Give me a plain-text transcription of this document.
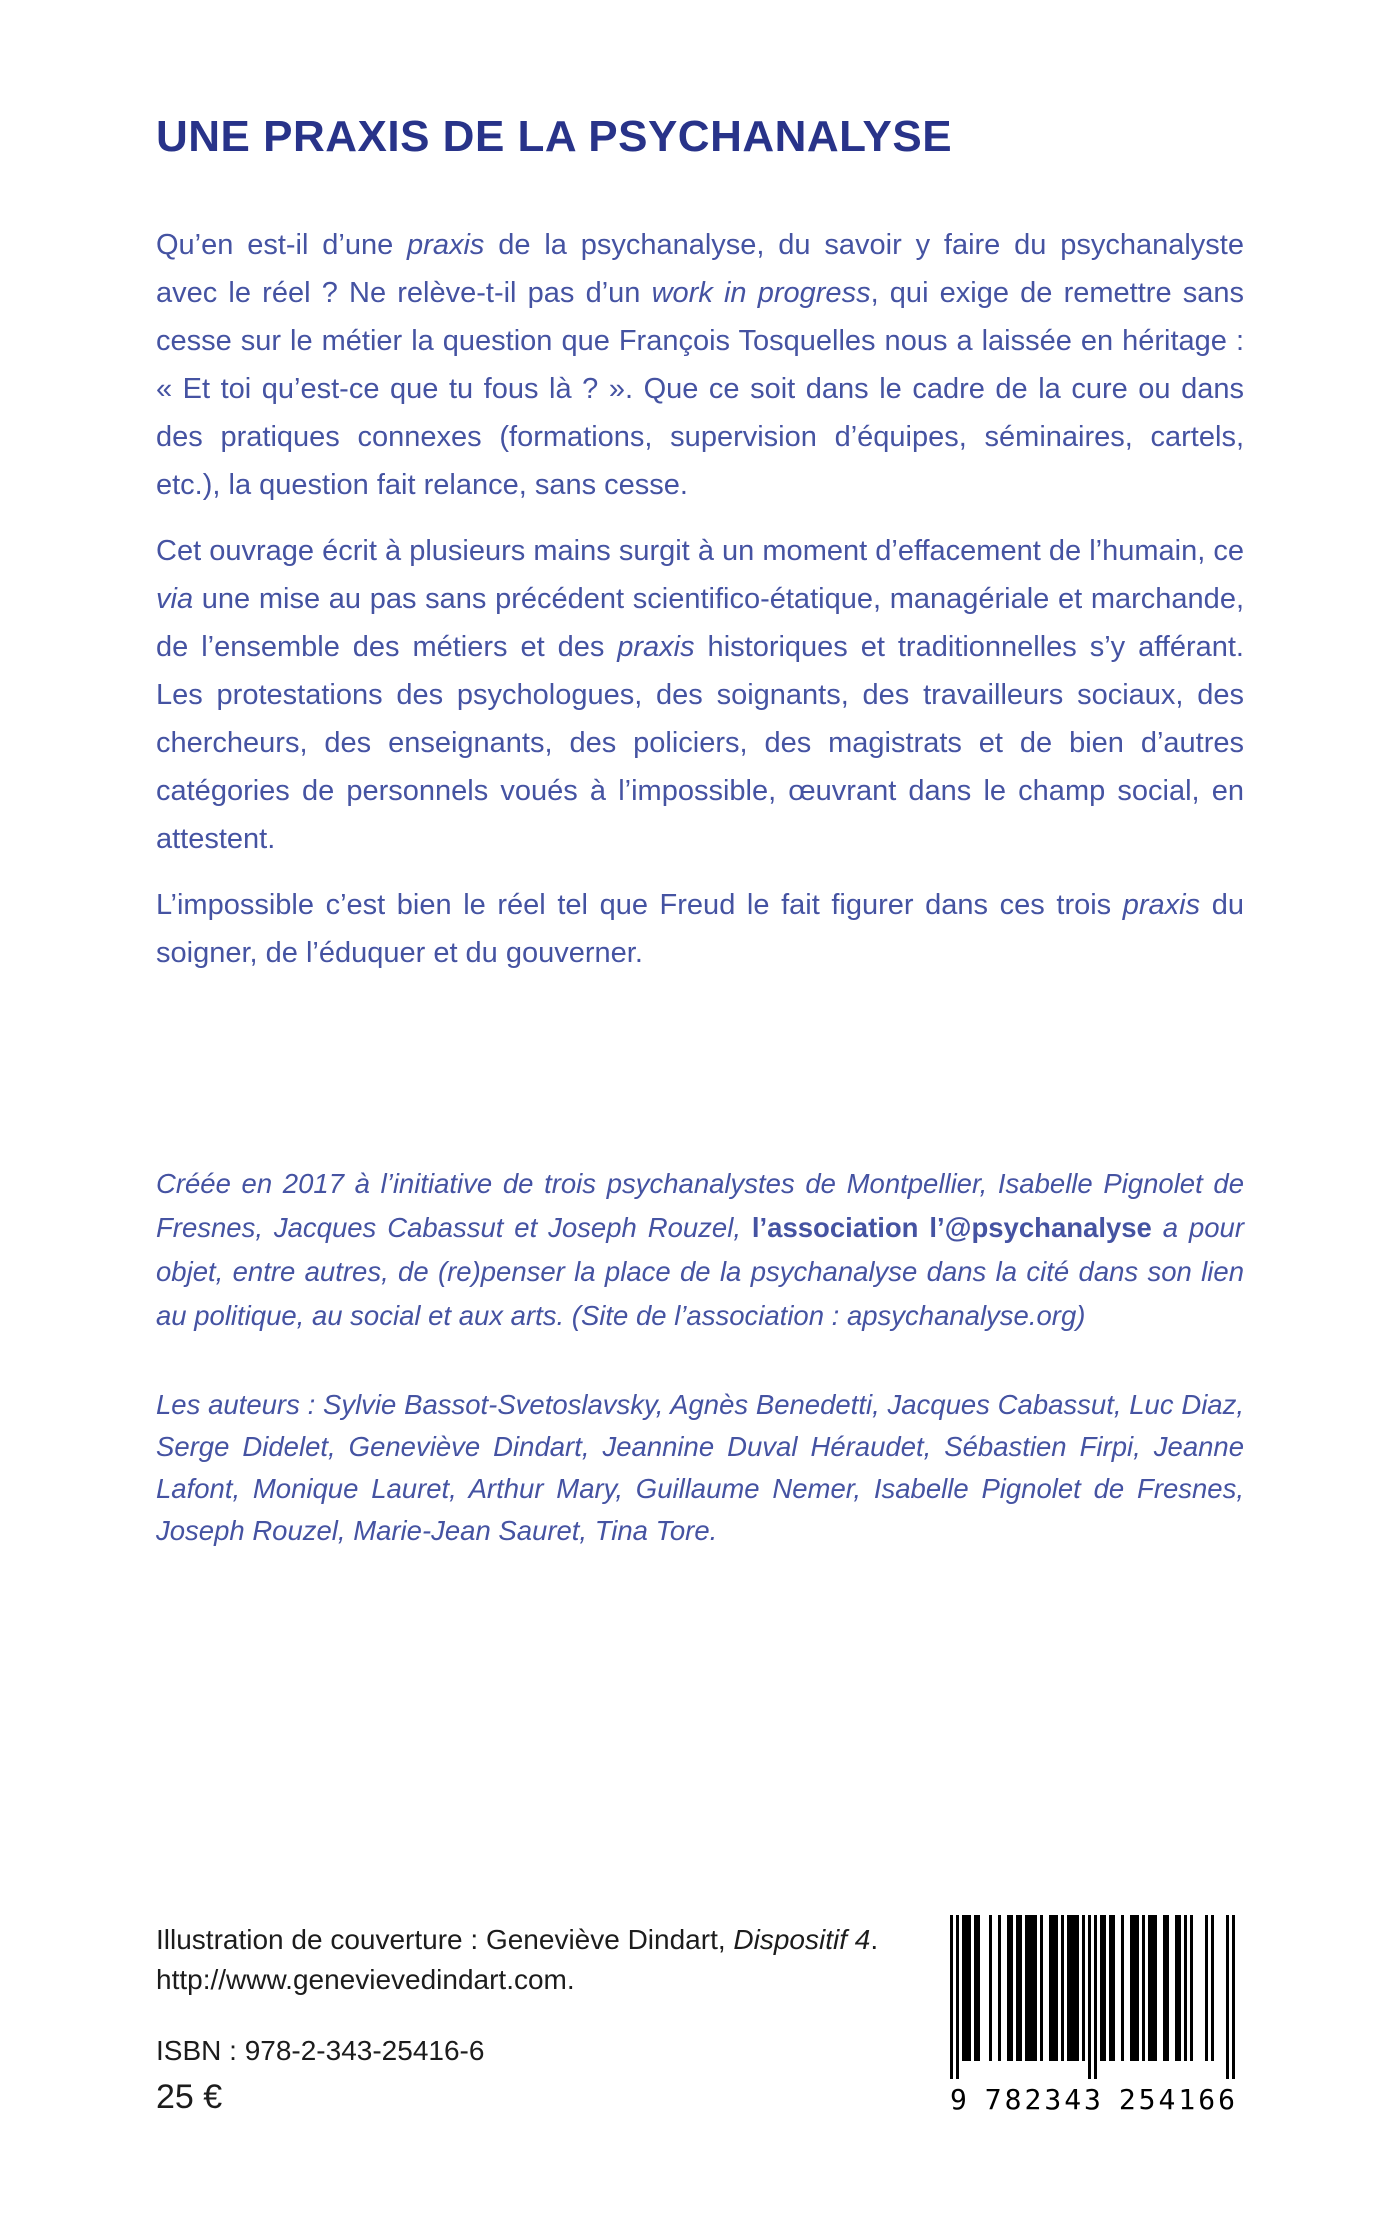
UNE PRAXIS DE LA PSYCHANALYSE

Qu’en est-il d’une praxis de la psychanalyse, du savoir y faire du psychanalyste avec le réel ? Ne relève-t-il pas d’un work in progress, qui exige de remettre sans cesse sur le métier la question que François Tosquelles nous a laissée en héritage : « Et toi qu’est-ce que tu fous là ? ». Que ce soit dans le cadre de la cure ou dans des pratiques connexes (formations, supervision d’équipes, séminaires, cartels, etc.), la question fait relance, sans cesse.

Cet ouvrage écrit à plusieurs mains surgit à un moment d’effacement de l’humain, ce via une mise au pas sans précédent scientifico-étatique, managériale et marchande, de l’ensemble des métiers et des praxis historiques et traditionnelles s’y afférant. Les protestations des psychologues, des soignants, des travailleurs sociaux, des chercheurs, des enseignants, des policiers, des magistrats et de bien d’autres catégories de personnels voués à l’impossible, œuvrant dans le champ social, en attestent.

L’impossible c’est bien le réel tel que Freud le fait figurer dans ces trois praxis du soigner, de l’éduquer et du gouverner.

Créée en 2017 à l’initiative de trois psychanalystes de Montpellier, Isabelle Pignolet de Fresnes, Jacques Cabassut et Joseph Rouzel, l’association l’@psychanalyse a pour objet, entre autres, de (re)penser la place de la psychanalyse dans la cité dans son lien au politique, au social et aux arts. (Site de l’association : apsychanalyse.org)

Les auteurs : Sylvie Bassot-Svetoslavsky, Agnès Benedetti, Jacques Cabassut, Luc Diaz, Serge Didelet, Geneviève Dindart, Jeannine Duval Héraudet, Sébastien Firpi, Jeanne Lafont, Monique Lauret, Arthur Mary, Guillaume Nemer, Isabelle Pignolet de Fresnes, Joseph Rouzel, Marie-Jean Sauret, Tina Tore.

Illustration de couverture : Geneviève Dindart, Dispositif 4.

http://www.genevievedindart.com.

ISBN : 978-2-343-25416-6

25 €	9 782343 254166
